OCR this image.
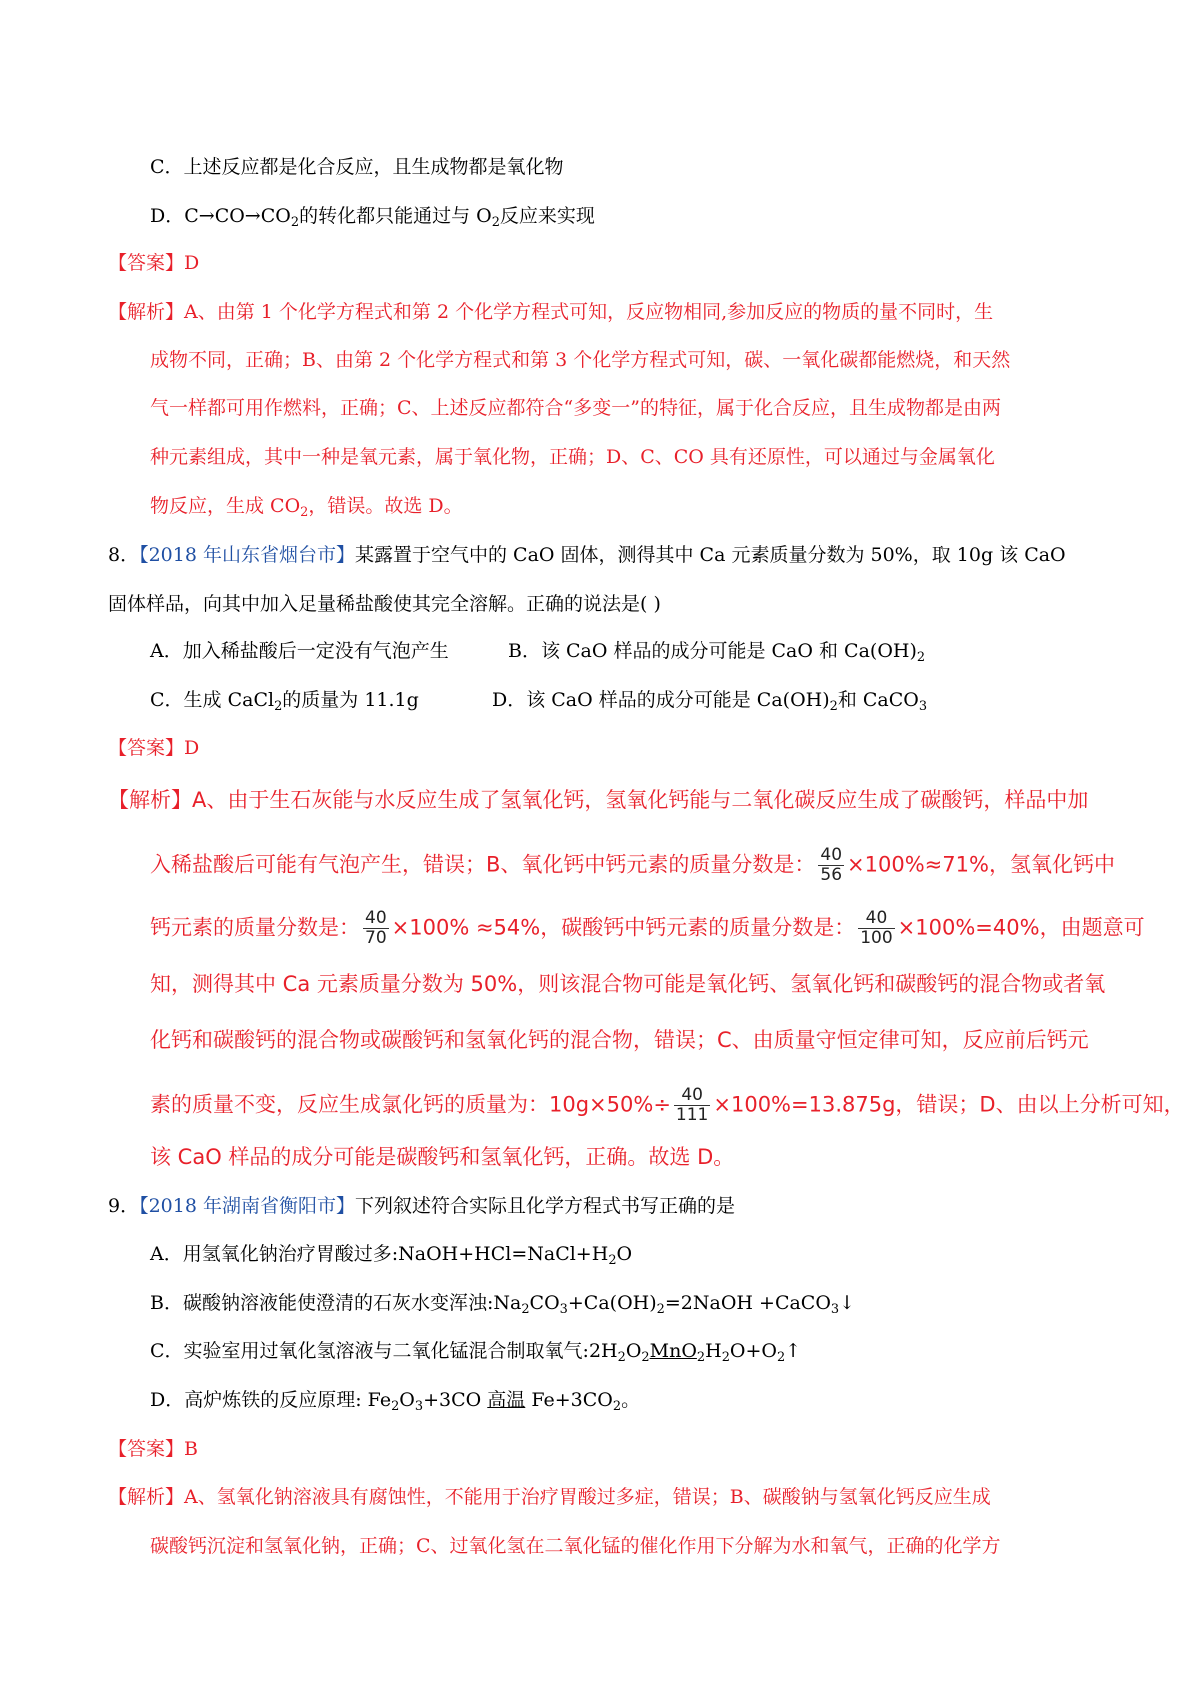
C．上述反应都是化合反应，且生成物都是氧化物
D．$C\to CO\to CO_2$的转化都只能通过与 $O_2$反应来实现
【答案】D
【解析】A、由第 1 个化学方程式和第 2 个化学方程式可知，反应物相同,参加反应的物质的量不同时，生
成物不同，正确；B、由第 2 个化学方程式和第 3 个化学方程式可知，碳、一氧化碳都能燃烧，和天然
气一样都可用作燃料，正确；C、上述反应都符合“多变一”的特征，属于化合反应，且生成物都是由两
种元素组成，其中一种是氧元素，属于氧化物，正确；D、C、CO 具有还原性，可以通过与金属氧化
物反应，生成 $CO_2$，错误。故选 D。
8．【2018 年山东省烟台市】某露置于空气中的 CaO 固体，测得其中 Ca 元素质量分数为 50%，取 10g 该 CaO
固体样品，向其中加入足量稀盐酸使其完全溶解。正确的说法是( )
A．加入稀盐酸后一定没有气泡产生	B．该 CaO 样品的成分可能是 CaO 和 $Ca(OH)_2$
C．生成 CaCl$_2$的质量为 11.1g	D．该 CaO 样品的成分可能是 $Ca(OH)_2$和 CaCO$_3$
【答案】D
【解析】A、由于生石灰能与水反应生成了氢氧化钙，氢氧化钙能与二氧化碳反应生成了碳酸钙，样品中加
入稀盐酸后可能有气泡产生，错误；B、氧化钙中钙元素的质量分数是： $\frac{40}{56} \times 100\%\approx 71\%$，氢氧化钙中
钙元素的质量分数是： $\frac{40}{70} \times 100\% \approx 54\%$，碳酸钙中钙元素的质量分数是： $\frac{40}{100} \times 100\%=40\%$，由题意可
知，测得其中 Ca 元素质量分数为 50%，则该混合物可能是氧化钙、氢氧化钙和碳酸钙的混合物或者氧
化钙和碳酸钙的混合物或碳酸钙和氢氧化钙的混合物，错误；C、由质量守恒定律可知，反应前后钙元
素的质量不变，反应生成氯化钙的质量为：$10g\times 50\%\div \frac{40}{111} \times 100\%=13.875g$，错误；D、由以上分析可知，
该 CaO 样品的成分可能是碳酸钙和氢氧化钙，正确。故选 D。
9．【2018 年湖南省衡阳市】下列叙述符合实际且化学方程式书写正确的是
A．用氢氧化钠治疗胃酸过多$:NaOH+HCl=NaCl+H_2O$
B．碳酸钠溶液能使澄清的石灰水变浑浊$:Na_2CO_3+Ca(OH)_2=2NaOH$ +CaCO$_3$↓
C．实验室用过氧化氢溶液与二氧化锰混合制取氧气$:2H_2O_2MnO_2H_2O+O_2↑$
D．高炉炼铁的反应原理: $Fe_2O_3+3CO$ 高温 $Fe+3CO_2$。
【答案】B
【解析】A、氢氧化钠溶液具有腐蚀性，不能用于治疗胃酸过多症，错误；B、碳酸钠与氢氧化钙反应生成
碳酸钙沉淀和氢氧化钠，正确；C、过氧化氢在二氧化锰的催化作用下分解为水和氧气，正确的化学方
